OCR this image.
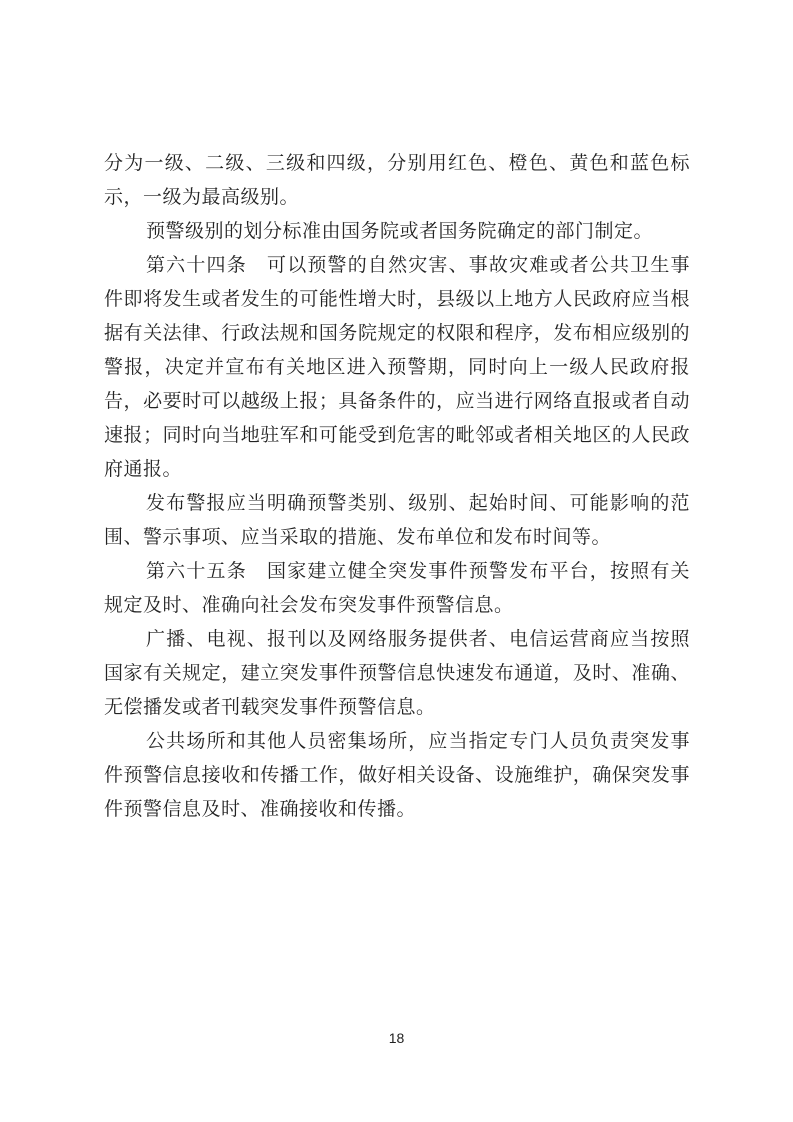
分为一级、二级、三级和四级，分别用红色、橙色、黄色和蓝色标示，一级为最高级别。

预警级别的划分标准由国务院或者国务院确定的部门制定。

第六十四条　可以预警的自然灾害、事故灾难或者公共卫生事件即将发生或者发生的可能性增大时，县级以上地方人民政府应当根据有关法律、行政法规和国务院规定的权限和程序，发布相应级别的警报，决定并宣布有关地区进入预警期，同时向上一级人民政府报告，必要时可以越级上报；具备条件的，应当进行网络直报或者自动速报；同时向当地驻军和可能受到危害的毗邻或者相关地区的人民政府通报。

发布警报应当明确预警类别、级别、起始时间、可能影响的范围、警示事项、应当采取的措施、发布单位和发布时间等。

第六十五条　国家建立健全突发事件预警发布平台，按照有关规定及时、准确向社会发布突发事件预警信息。

广播、电视、报刊以及网络服务提供者、电信运营商应当按照国家有关规定，建立突发事件预警信息快速发布通道，及时、准确、无偿播发或者刊载突发事件预警信息。

公共场所和其他人员密集场所，应当指定专门人员负责突发事件预警信息接收和传播工作，做好相关设备、设施维护，确保突发事件预警信息及时、准确接收和传播。

18
